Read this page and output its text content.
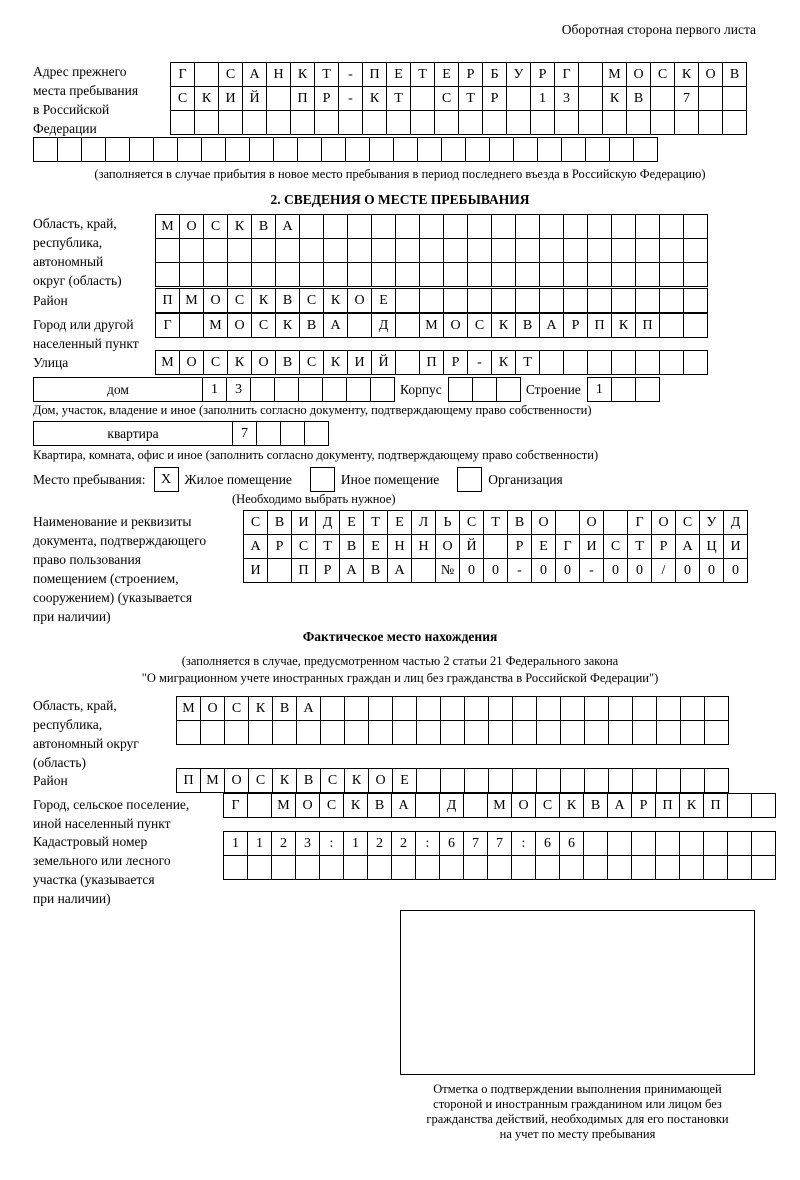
Оборотная сторона первого листа
Адрес прежнего
места пребывания
в Российской
Федерации
Г	С	А Н	К	Т	-	П	Е	Т	Е	Р	Б	У	Р	Г	М О	С	К	О	В
С	К	И Й	П	Р	-	К	Т	С	Т	Р	1	3	К	В	7
(заполняется в случае прибытия в новое место пребывания в период последнего въезда в Российскую Федерацию)
2. СВЕДЕНИЯ О МЕСТЕ ПРЕБЫВАНИЯ
Область, край,
республика,
автономный
округ (область)
М О	С	К	В	А
Район	П М О	С	К	В	С	К	О	Е
Город или другой
населенный пункт
Г	М О	С	К	В	А	Д	М О	С	К	В	А	Р	П	К	П
Улица	М О	С	К	О	В	С	К	И Й	П	Р	-	К	Т
дом	1	3	Корпус	Строение	1
Дом, участок, владение и иное (заполнить согласно документу, подтверждающему право собственности)
квартира	7
Квартира, комната, офис и иное (заполнить согласно документу, подтверждающему право собственности)
Место пребывания:	X Жилое помещение	Иное помещение	Организация
(Необходимо выбрать нужное)
Наименование и реквизиты
документа, подтверждающего
право пользования
помещением (строением,
сооружением) (указывается
при наличии)
С	В	И	Д	Е	Т	Е	Л	Ь	С	Т	В	О	О	Г	О	С	У	Д
А	Р	С	Т	В	Е	Н Н О Й	Р	Е	Г	И	С	Т	Р	А Ц И
И	П	Р	А	В	А	№ 0	0	-	0	0	-	0	0	/	0	0	0
Фактическое место нахождения
(заполняется в случае, предусмотренном частью 2 статьи 21 Федерального закона
"О миграционном учете иностранных граждан и лиц без гражданства в Российской Федерации")
Область, край,
республика,
автономный округ
(область)
М О	С	К	В	А
Район	П М О	С	К	В	С	К	О	Е
Город, сельское поселение,
иной населенный пункт
Г	М О	С	К	В	А	Д	М О	С	К	В	А	Р	П	К	П
Кадастровый номер
земельного или лесного
участка (указывается
при наличии)
1	1	2	3	:	1	2	2	:	6	7	7	:	6	6
Отметка о подтверждении выполнения принимающей
стороной и иностранным гражданином или лицом без
гражданства действий, необходимых для его постановки
на учет по месту пребывания
